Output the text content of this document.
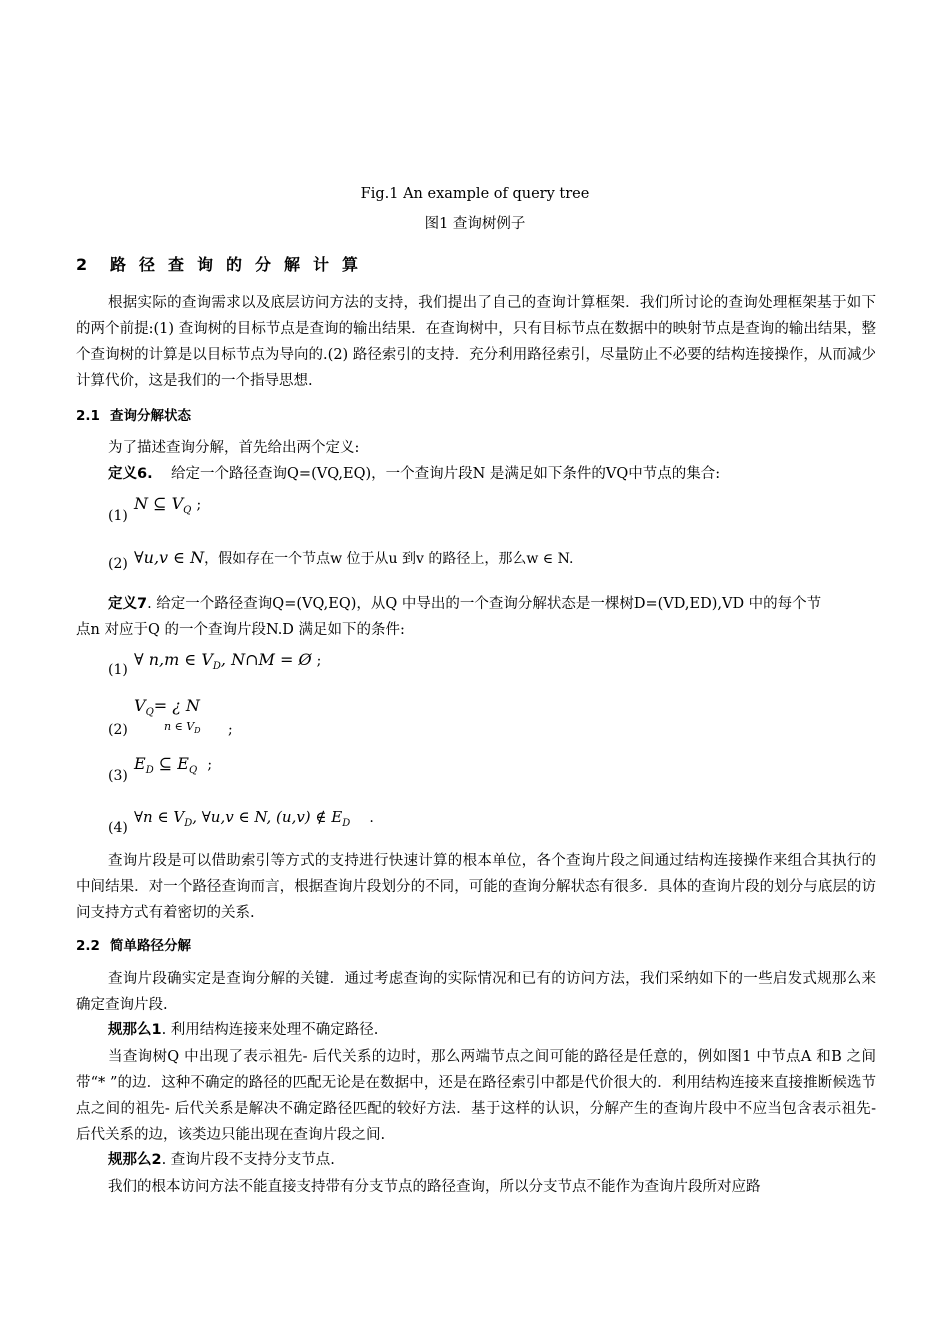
Fig.1 An example of query tree
图1 查询树例子
2 路径查询的分解计算
根据实际的查询需求以及底层访问方法的支持，我们提出了自己的查询计算框架．我们所讨论的查询处理框架基于如下的两个前提:(1) 查询树的目标节点是查询的输出结果．在查询树中，只有目标节点在数据中的映射节点是查询的输出结果，整个查询树的计算是以目标节点为导向的.(2) 路径索引的支持．充分利用路径索引，尽量防止不必要的结构连接操作，从而减少计算代价，这是我们的一个指导思想.
2.1 查询分解状态
为了描述查询分解，首先给出两个定义:
定义6. 给定一个路径查询Q=(VQ,EQ)，一个查询片段N 是满足如下条件的VQ中节点的集合:
(1)
N ⊆ $V_Q$ ;
(2) ∀u,v ∈ N，假如存在一个节点w 位于从u 到v 的路径上，那么w ∈ N.
定义7. 给定一个路径查询Q=(VQ,EQ)，从Q 中导出的一个查询分解状态是一棵树D=(VD,ED),VD 中的每个节
点n 对应于Q 的一个查询片段N.D 满足如下的条件:
(1)
∀ n,m ∈ $V_D$, N∩M = Ø ;
(2)
$V_Q=$ ¿ N
n ∈ $V_D$ ;
(3)
$E_D$ ⊆ $E_Q$ ;
(4)
∀n ∈ $V_D$, ∀u,v ∈ N, (u,v) ∉ $E_D$ .
查询片段是可以借助索引等方式的支持进行快速计算的根本单位，各个查询片段之间通过结构连接操作来组合其执行的中间结果．对一个路径查询而言，根据查询片段划分的不同，可能的查询分解状态有很多．具体的查询片段的划分与底层的访问支持方式有着密切的关系.
2.2 简单路径分解
查询片段确实定是查询分解的关键．通过考虑查询的实际情况和已有的访问方法，我们采纳如下的一些启发式规那么来确定查询片段.
规那么1. 利用结构连接来处理不确定路径.
当查询树Q 中出现了表示祖先- 后代关系的边时，那么两端节点之间可能的路径是任意的，例如图1 中节点A 和B 之间带“* ”的边．这种不确定的路径的匹配无论是在数据中，还是在路径索引中都是代价很大的．利用结构连接来直接推断候选节点之间的祖先- 后代关系是解决不确定路径匹配的较好方法．基于这样的认识，分解产生的查询片段中不应当包含表示祖先- 后代关系的边，该类边只能出现在查询片段之间.
规那么2. 查询片段不支持分支节点.
我们的根本访问方法不能直接支持带有分支节点的路径查询，所以分支节点不能作为查询片段所对应路
